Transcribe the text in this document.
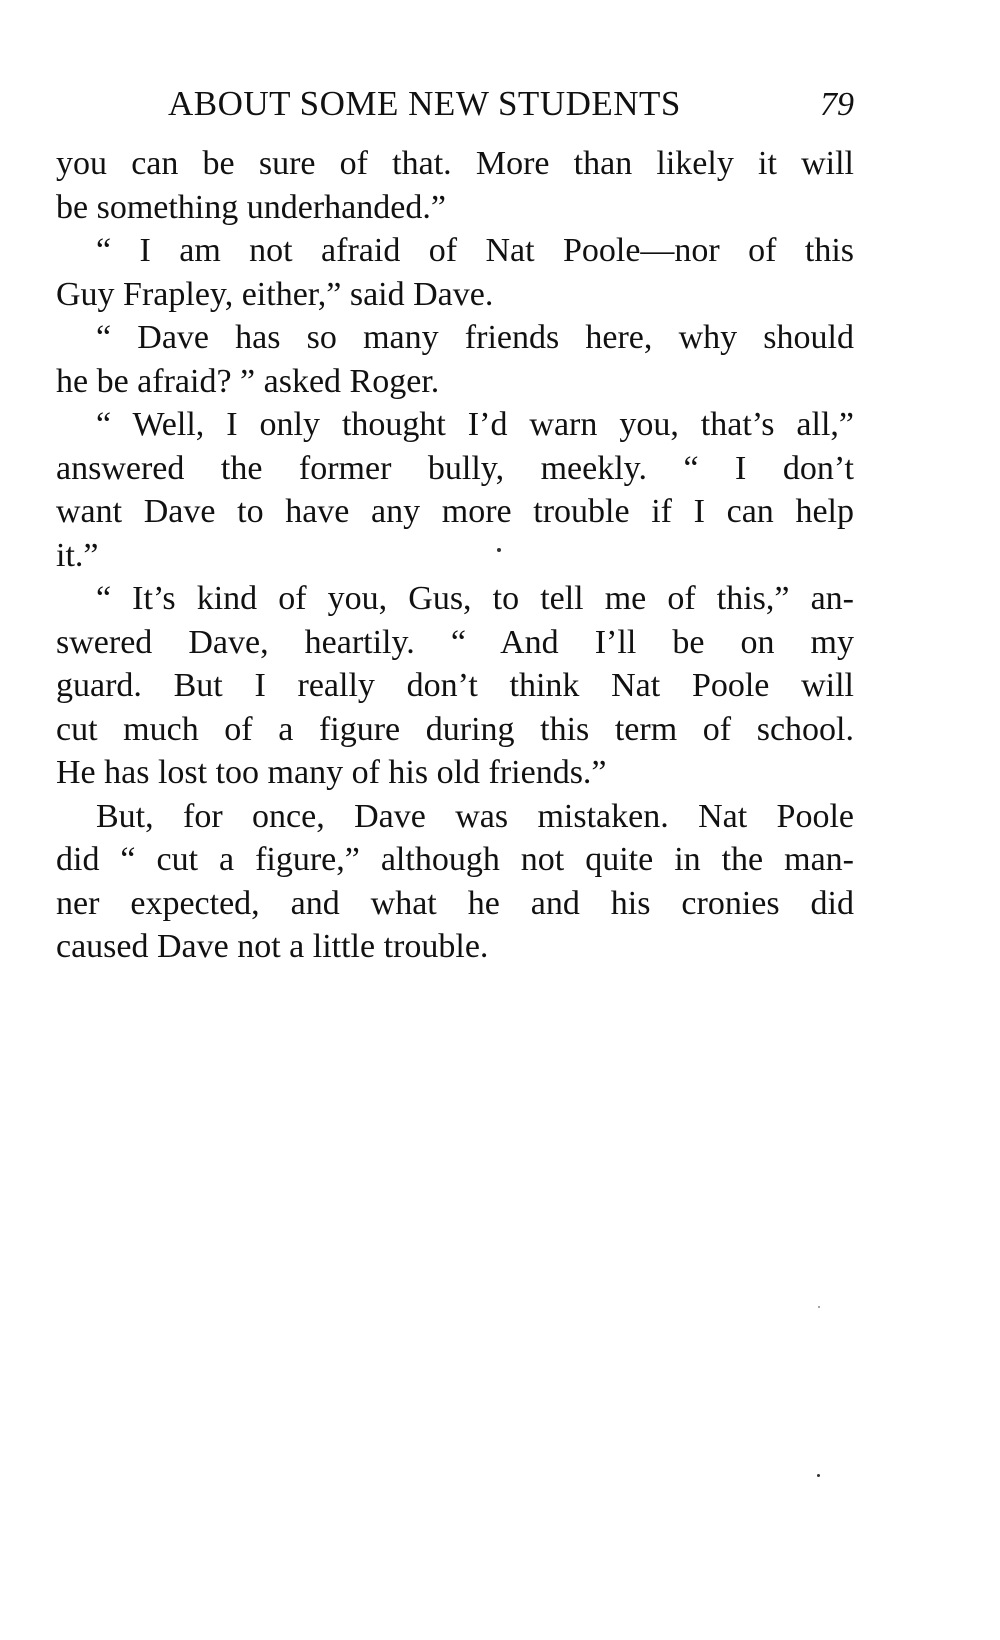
ABOUT SOME NEW STUDENTS	79
you can be sure of that. More than likely it will
be something underhanded.”
“ I am not afraid of Nat Poole—nor of this
Guy Frapley, either,” said Dave.
“ Dave has so many friends here, why should
he be afraid? ” asked Roger.
“ Well, I only thought I’d warn you, that’s all,”
answered the former bully, meekly. “ I don’t
want Dave to have any more trouble if I can help
it.”
“ It’s kind of you, Gus, to tell me of this,” an-
swered Dave, heartily. “ And I’ll be on my
guard. But I really don’t think Nat Poole will
cut much of a figure during this term of school.
He has lost too many of his old friends.”
But, for once, Dave was mistaken. Nat Poole
did “ cut a figure,” although not quite in the man-
ner expected, and what he and his cronies did
caused Dave not a little trouble.
